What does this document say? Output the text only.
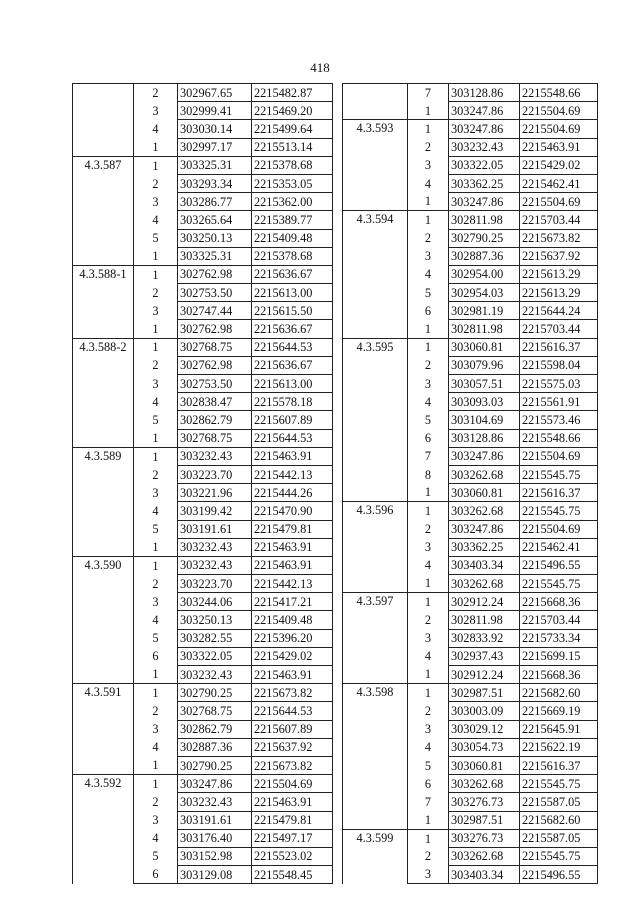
418
	2	302967.65	2215482.87
	3	302999.41	2215469.20
	4	303030.14	2215499.64
	1	302997.17	2215513.14
4.3.587	1	303325.31	2215378.68
	2	303293.34	2215353.05
	3	303286.77	2215362.00
	4	303265.64	2215389.77
	5	303250.13	2215409.48
	1	303325.31	2215378.68
4.3.588-1	1	302762.98	2215636.67
	2	302753.50	2215613.00
	3	302747.44	2215615.50
	1	302762.98	2215636.67
4.3.588-2	1	302768.75	2215644.53
	2	302762.98	2215636.67
	3	302753.50	2215613.00
	4	302838.47	2215578.18
	5	302862.79	2215607.89
	1	302768.75	2215644.53
4.3.589	1	303232.43	2215463.91
	2	303223.70	2215442.13
	3	303221.96	2215444.26
	4	303199.42	2215470.90
	5	303191.61	2215479.81
	1	303232.43	2215463.91
4.3.590	1	303232.43	2215463.91
	2	303223.70	2215442.13
	3	303244.06	2215417.21
	4	303250.13	2215409.48
	5	303282.55	2215396.20
	6	303322.05	2215429.02
	1	303232.43	2215463.91
4.3.591	1	302790.25	2215673.82
	2	302768.75	2215644.53
	3	302862.79	2215607.89
	4	302887.36	2215637.92
	1	302790.25	2215673.82
4.3.592	1	303247.86	2215504.69
	2	303232.43	2215463.91
	3	303191.61	2215479.81
	4	303176.40	2215497.17
	5	303152.98	2215523.02
	6	303129.08	2215548.45
	7	303128.86	2215548.66
	1	303247.86	2215504.69
4.3.593	1	303247.86	2215504.69
	2	303232.43	2215463.91
	3	303322.05	2215429.02
	4	303362.25	2215462.41
	1	303247.86	2215504.69
4.3.594	1	302811.98	2215703.44
	2	302790.25	2215673.82
	3	302887.36	2215637.92
	4	302954.00	2215613.29
	5	302954.03	2215613.29
	6	302981.19	2215644.24
	1	302811.98	2215703.44
4.3.595	1	303060.81	2215616.37
	2	303079.96	2215598.04
	3	303057.51	2215575.03
	4	303093.03	2215561.91
	5	303104.69	2215573.46
	6	303128.86	2215548.66
	7	303247.86	2215504.69
	8	303262.68	2215545.75
	1	303060.81	2215616.37
4.3.596	1	303262.68	2215545.75
	2	303247.86	2215504.69
	3	303362.25	2215462.41
	4	303403.34	2215496.55
	1	303262.68	2215545.75
4.3.597	1	302912.24	2215668.36
	2	302811.98	2215703.44
	3	302833.92	2215733.34
	4	302937.43	2215699.15
	1	302912.24	2215668.36
4.3.598	1	302987.51	2215682.60
	2	303003.09	2215669.19
	3	303029.12	2215645.91
	4	303054.73	2215622.19
	5	303060.81	2215616.37
	6	303262.68	2215545.75
	7	303276.73	2215587.05
	1	302987.51	2215682.60
4.3.599	1	303276.73	2215587.05
	2	303262.68	2215545.75
	3	303403.34	2215496.55
